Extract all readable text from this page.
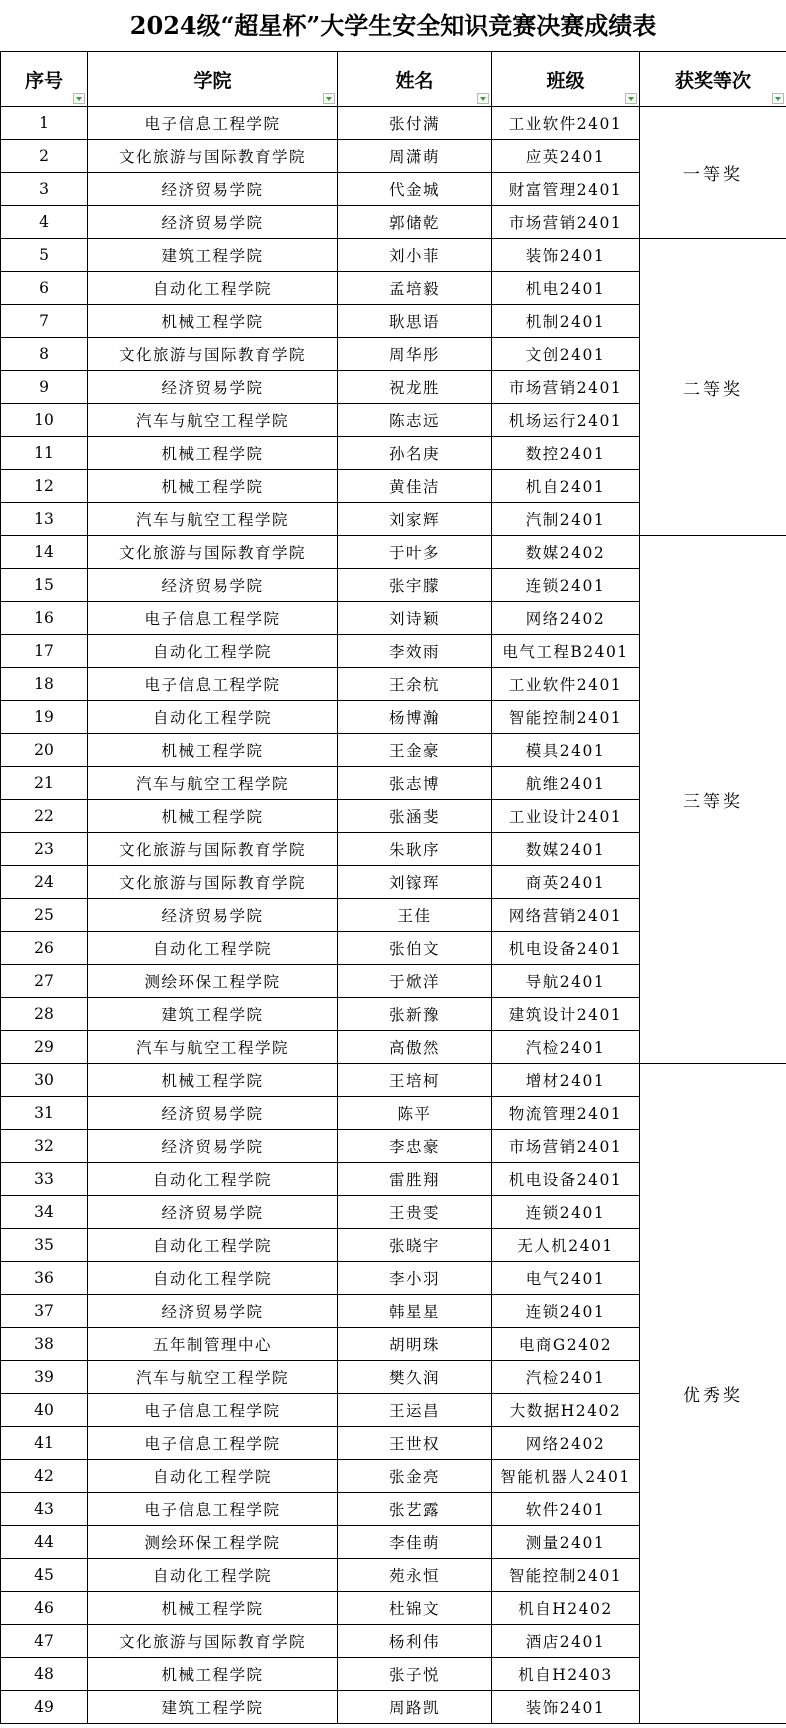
2024级“超星杯”大学生安全知识竞赛决赛成绩表
序号	学院	姓名	班级	获奖等次

1	电子信息工程学院	张付满	工业软件2401	一等奖
2	文化旅游与国际教育学院	周潇萌	应英2401	
3	经济贸易学院	代金城	财富管理2401	
4	经济贸易学院	郭储乾	市场营销2401	
5	建筑工程学院	刘小菲	装饰2401	二等奖
6	自动化工程学院	孟培毅	机电2401	
7	机械工程学院	耿思语	机制2401	
8	文化旅游与国际教育学院	周华彤	文创2401	
9	经济贸易学院	祝龙胜	市场营销2401	
10	汽车与航空工程学院	陈志远	机场运行2401	
11	机械工程学院	孙名庚	数控2401	
12	机械工程学院	黄佳洁	机自2401	
13	汽车与航空工程学院	刘家辉	汽制2401	
14	文化旅游与国际教育学院	于叶多	数媒2402	三等奖
15	经济贸易学院	张宇朦	连锁2401	
16	电子信息工程学院	刘诗颖	网络2402	
17	自动化工程学院	李效雨	电气工程B2401	
18	电子信息工程学院	王余杭	工业软件2401	
19	自动化工程学院	杨博瀚	智能控制2401	
20	机械工程学院	王金豪	模具2401	
21	汽车与航空工程学院	张志博	航维2401	
22	机械工程学院	张涵斐	工业设计2401	
23	文化旅游与国际教育学院	朱耿序	数媒2401	
24	文化旅游与国际教育学院	刘镓珲	商英2401	
25	经济贸易学院	王佳	网络营销2401	
26	自动化工程学院	张伯文	机电设备2401	
27	测绘环保工程学院	于焮洋	导航2401	
28	建筑工程学院	张新豫	建筑设计2401	
29	汽车与航空工程学院	高傲然	汽检2401	
30	机械工程学院	王培柯	增材2401	优秀奖
31	经济贸易学院	陈平	物流管理2401	
32	经济贸易学院	李忠豪	市场营销2401	
33	自动化工程学院	雷胜翔	机电设备2401	
34	经济贸易学院	王贵雯	连锁2401	
35	自动化工程学院	张晓宇	无人机2401	
36	自动化工程学院	李小羽	电气2401	
37	经济贸易学院	韩星星	连锁2401	
38	五年制管理中心	胡明珠	电商G2402	
39	汽车与航空工程学院	樊久润	汽检2401	
40	电子信息工程学院	王运昌	大数据H2402	
41	电子信息工程学院	王世权	网络2402	
42	自动化工程学院	张金亮	智能机器人2401	
43	电子信息工程学院	张艺露	软件2401	
44	测绘环保工程学院	李佳萌	测量2401	
45	自动化工程学院	苑永恒	智能控制2401	
46	机械工程学院	杜锦文	机自H2402	
47	文化旅游与国际教育学院	杨利伟	酒店2401	
48	机械工程学院	张子悦	机自H2403	
49	建筑工程学院	周路凯	装饰2401	
